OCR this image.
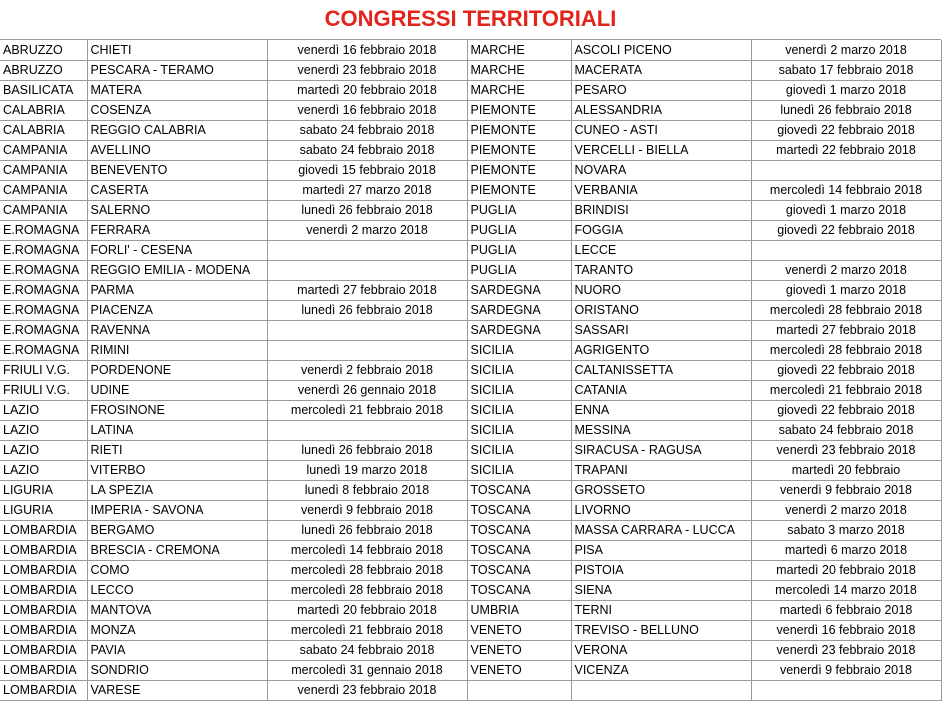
CONGRESSI TERRITORIALI
ABRUZZO	CHIETI	venerdì 16 febbraio 2018	MARCHE	ASCOLI PICENO	venerdì 2 marzo 2018
ABRUZZO	PESCARA - TERAMO	venerdì 23 febbraio 2018	MARCHE	MACERATA	sabato 17 febbraio 2018
BASILICATA	MATERA	martedì 20 febbraio 2018	MARCHE	PESARO	giovedì 1 marzo 2018
CALABRIA	COSENZA	venerdì 16 febbraio 2018	PIEMONTE	ALESSANDRIA	lunedì 26 febbraio 2018
CALABRIA	REGGIO CALABRIA	sabato 24 febbraio 2018	PIEMONTE	CUNEO - ASTI	giovedì 22 febbraio 2018
CAMPANIA	AVELLINO	sabato 24 febbraio 2018	PIEMONTE	VERCELLI - BIELLA	martedì 22 febbraio 2018
CAMPANIA	BENEVENTO	giovedì 15 febbraio 2018	PIEMONTE	NOVARA	
CAMPANIA	CASERTA	martedì 27 marzo 2018	PIEMONTE	VERBANIA	mercoledì 14 febbraio 2018
CAMPANIA	SALERNO	lunedì 26 febbraio 2018	PUGLIA	BRINDISI	giovedì 1 marzo 2018
E.ROMAGNA	FERRARA	venerdì 2 marzo 2018	PUGLIA	FOGGIA	giovedì 22 febbraio 2018
E.ROMAGNA	FORLI' - CESENA		PUGLIA	LECCE	
E.ROMAGNA	REGGIO EMILIA - MODENA		PUGLIA	TARANTO	venerdì 2 marzo 2018
E.ROMAGNA	PARMA	martedì 27 febbraio 2018	SARDEGNA	NUORO	giovedì 1 marzo 2018
E.ROMAGNA	PIACENZA	lunedì 26 febbraio 2018	SARDEGNA	ORISTANO	mercoledì 28 febbraio 2018
E.ROMAGNA	RAVENNA		SARDEGNA	SASSARI	martedì 27 febbraio 2018
E.ROMAGNA	RIMINI		SICILIA	AGRIGENTO	mercoledì 28 febbraio 2018
FRIULI V.G.	PORDENONE	venerdì 2 febbraio 2018	SICILIA	CALTANISSETTA	giovedì 22 febbraio 2018
FRIULI V.G.	UDINE	venerdì 26 gennaio 2018	SICILIA	CATANIA	mercoledì 21 febbraio 2018
LAZIO	FROSINONE	mercoledì 21 febbraio 2018	SICILIA	ENNA	giovedì 22 febbraio 2018
LAZIO	LATINA		SICILIA	MESSINA	sabato 24 febbraio 2018
LAZIO	RIETI	lunedì 26 febbraio 2018	SICILIA	SIRACUSA - RAGUSA	venerdì 23 febbraio 2018
LAZIO	VITERBO	lunedì 19 marzo 2018	SICILIA	TRAPANI	martedì 20 febbraio
LIGURIA	LA SPEZIA	lunedì 8 febbraio 2018	TOSCANA	GROSSETO	venerdì 9 febbraio 2018
LIGURIA	IMPERIA - SAVONA	venerdì 9 febbraio 2018	TOSCANA	LIVORNO	venerdì 2 marzo 2018
LOMBARDIA	BERGAMO	lunedì 26 febbraio 2018	TOSCANA	MASSA CARRARA - LUCCA	sabato 3 marzo 2018
LOMBARDIA	BRESCIA - CREMONA	mercoledì 14 febbraio 2018	TOSCANA	PISA	martedì 6 marzo 2018
LOMBARDIA	COMO	mercoledì 28 febbraio 2018	TOSCANA	PISTOIA	martedì 20 febbraio 2018
LOMBARDIA	LECCO	mercoledì 28 febbraio 2018	TOSCANA	SIENA	mercoledì 14 marzo 2018
LOMBARDIA	MANTOVA	martedì 20 febbraio 2018	UMBRIA	TERNI	martedì 6 febbraio 2018
LOMBARDIA	MONZA	mercoledì 21 febbraio 2018	VENETO	TREVISO - BELLUNO	venerdì 16 febbraio 2018
LOMBARDIA	PAVIA	sabato 24 febbraio 2018	VENETO	VERONA	venerdì 23 febbraio 2018
LOMBARDIA	SONDRIO	mercoledì 31 gennaio 2018	VENETO	VICENZA	venerdì 9 febbraio 2018
LOMBARDIA	VARESE	venerdì 23 febbraio 2018			
